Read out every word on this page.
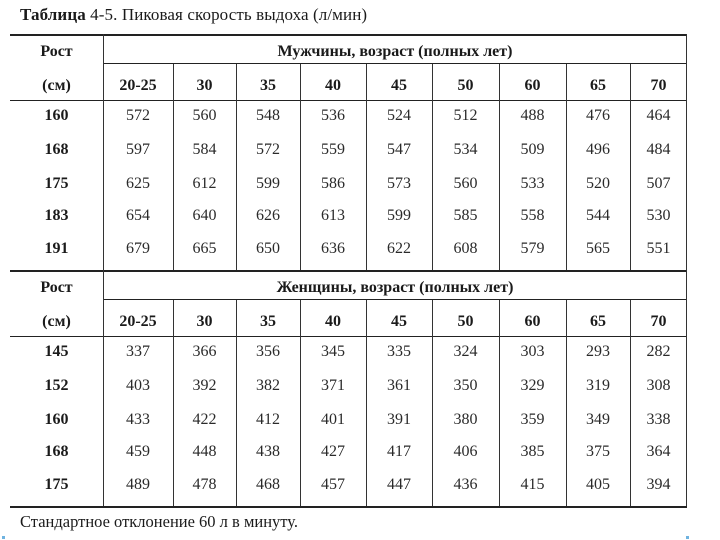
Таблица 4-5. Пиковая скорость выдоха (л/мин)
Рост
(см)
Мужчины, возраст (полных лет)
20-25	30	35	40	45	50	60	65	70
160	572	560	548	536	524	512	488	476	464
168	597	584	572	559	547	534	509	496	484
175	625	612	599	586	573	560	533	520	507
183	654	640	626	613	599	585	558	544	530
191	679	665	650	636	622	608	579	565	551
Рост
(см)
Женщины, возраст (полных лет)
20-25	30	35	40	45	50	60	65	70
145	337	366	356	345	335	324	303	293	282
152	403	392	382	371	361	350	329	319	308
160	433	422	412	401	391	380	359	349	338
168	459	448	438	427	417	406	385	375	364
175	489	478	468	457	447	436	415	405	394
Стандартное отклонение 60 л в минуту.
